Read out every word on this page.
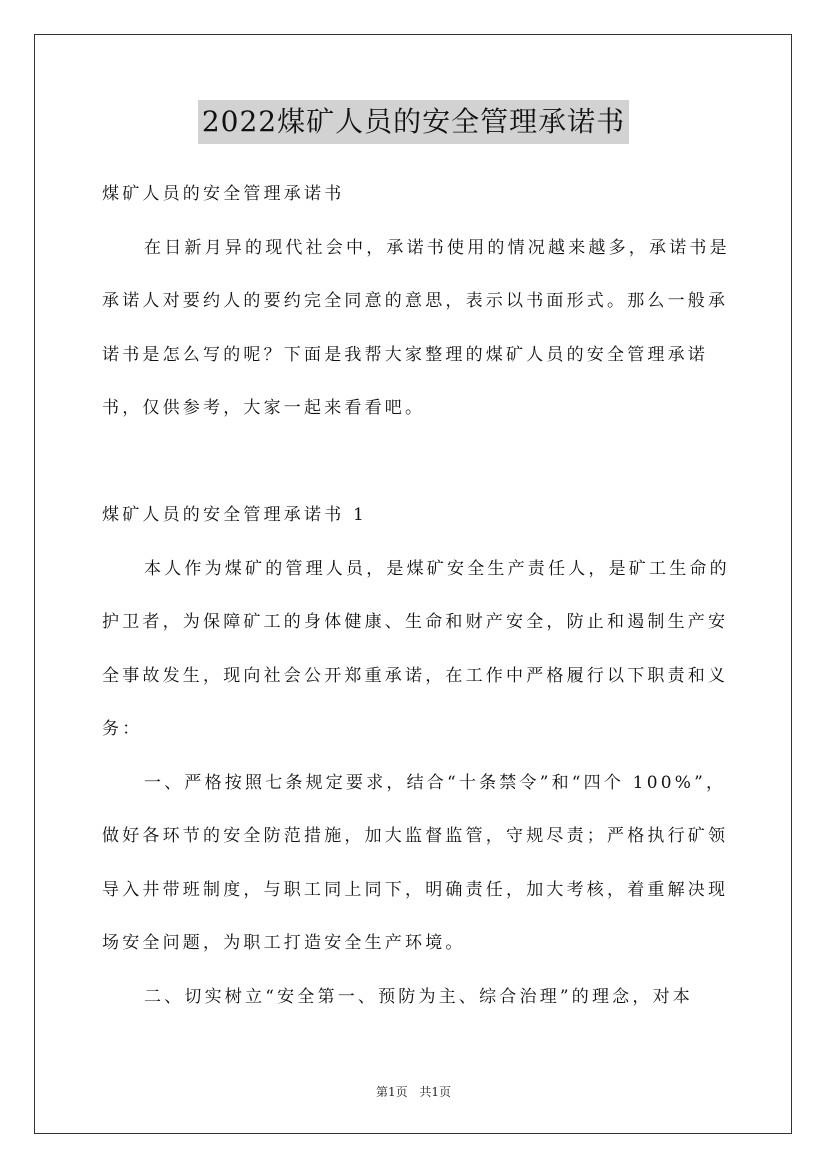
2022煤矿人员的安全管理承诺书

煤矿人员的安全管理承诺书

在日新月异的现代社会中，承诺书使用的情况越来越多，承诺书是承诺人对要约人的要约完全同意的意思，表示以书面形式。那么一般承诺书是怎么写的呢？下面是我帮大家整理的煤矿人员的安全管理承诺书，仅供参考，大家一起来看看吧。

煤矿人员的安全管理承诺书 1

本人作为煤矿的管理人员，是煤矿安全生产责任人，是矿工生命的护卫者，为保障矿工的身体健康、生命和财产安全，防止和遏制生产安全事故发生，现向社会公开郑重承诺，在工作中严格履行以下职责和义务：

一、严格按照七条规定要求，结合“十条禁令”和“四个 100%”，做好各环节的安全防范措施，加大监督监管，守规尽责；严格执行矿领导入井带班制度，与职工同上同下，明确责任，加大考核，着重解决现场安全问题，为职工打造安全生产环境。

二、切实树立“安全第一、预防为主、综合治理”的理念，对本

第1页 共1页
